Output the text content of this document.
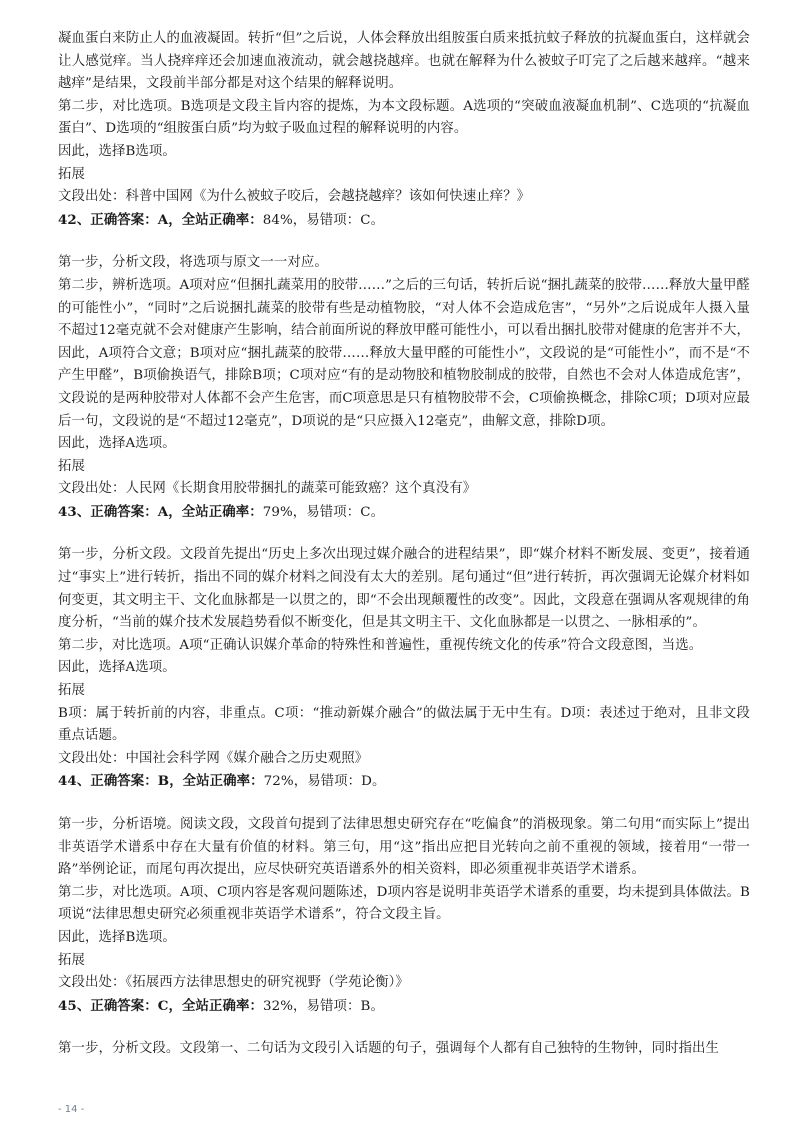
凝血蛋白来防止人的血液凝固。转折“但”之后说，人体会释放出组胺蛋白质来抵抗蚊子释放的抗凝血蛋白，这样就会让人感觉痒。当人挠痒痒还会加速血液流动，就会越挠越痒。也就在解释为什么被蚊子叮完了之后越来越痒。“越来越痒”是结果，文段前半部分都是对这个结果的解释说明。

第二步，对比选项。B选项是文段主旨内容的提炼，为本文段标题。A选项的“突破血液凝血机制”、C选项的“抗凝血蛋白”、D选项的“组胺蛋白质”均为蚊子吸血过程的解释说明的内容。

因此，选择B选项。

拓展

文段出处：科普中国网《为什么被蚊子咬后，会越挠越痒？该如何快速止痒？》

42、正确答案：A，全站正确率：84%，易错项：C。

第一步，分析文段，将选项与原文一一对应。

第二步，辨析选项。A项对应“但捆扎蔬菜用的胶带……”之后的三句话，转折后说“捆扎蔬菜的胶带……释放大量甲醛的可能性小”，“同时”之后说捆扎蔬菜的胶带有些是动植物胶，“对人体不会造成危害”，“另外”之后说成年人摄入量不超过12毫克就不会对健康产生影响，结合前面所说的释放甲醛可能性小，可以看出捆扎胶带对健康的危害并不大，因此，A项符合文意；B项对应“捆扎蔬菜的胶带……释放大量甲醛的可能性小”，文段说的是“可能性小”，而不是“不产生甲醛”，B项偷换语气，排除B项；C项对应“有的是动物胶和植物胶制成的胶带，自然也不会对人体造成危害”，文段说的是两种胶带对人体都不会产生危害，而C项意思是只有植物胶带不会，C项偷换概念，排除C项；D项对应最后一句，文段说的是“不超过12毫克”，D项说的是“只应摄入12毫克”，曲解文意，排除D项。

因此，选择A选项。

拓展

文段出处：人民网《长期食用胶带捆扎的蔬菜可能致癌？这个真没有》

43、正确答案：A，全站正确率：79%，易错项：C。

第一步，分析文段。文段首先提出“历史上多次出现过媒介融合的进程结果”，即“媒介材料不断发展、变更”，接着通过“事实上”进行转折，指出不同的媒介材料之间没有太大的差别。尾句通过“但”进行转折，再次强调无论媒介材料如何变更，其文明主干、文化血脉都是一以贯之的，即“不会出现颠覆性的改变”。因此，文段意在强调从客观规律的角度分析，“当前的媒介技术发展趋势看似不断变化，但是其文明主干、文化血脉都是一以贯之、一脉相承的”。

第二步，对比选项。A项“正确认识媒介革命的特殊性和普遍性，重视传统文化的传承”符合文段意图，当选。

因此，选择A选项。

拓展

B项：属于转折前的内容，非重点。C项：“推动新媒介融合”的做法属于无中生有。D项：表述过于绝对，且非文段重点话题。

文段出处：中国社会科学网《媒介融合之历史观照》

44、正确答案：B，全站正确率：72%，易错项：D。

第一步，分析语境。阅读文段，文段首句提到了法律思想史研究存在“吃偏食”的消极现象。第二句用“而实际上”提出非英语学术谱系中存在大量有价值的材料。第三句，用“这”指出应把目光转向之前不重视的领域，接着用“一带一路”举例论证，而尾句再次提出，应尽快研究英语谱系外的相关资料，即必须重视非英语学术谱系。

第二步，对比选项。A项、C项内容是客观问题陈述，D项内容是说明非英语学术谱系的重要，均未提到具体做法。B项说“法律思想史研究必须重视非英语学术谱系”，符合文段主旨。

因此，选择B选项。

拓展

文段出处：《拓展西方法律思想史的研究视野（学苑论衡）》

45、正确答案：C，全站正确率：32%，易错项：B。

第一步，分析文段。文段第一、二句话为文段引入话题的句子，强调每个人都有自己独特的生物钟，同时指出生

- 14 -
